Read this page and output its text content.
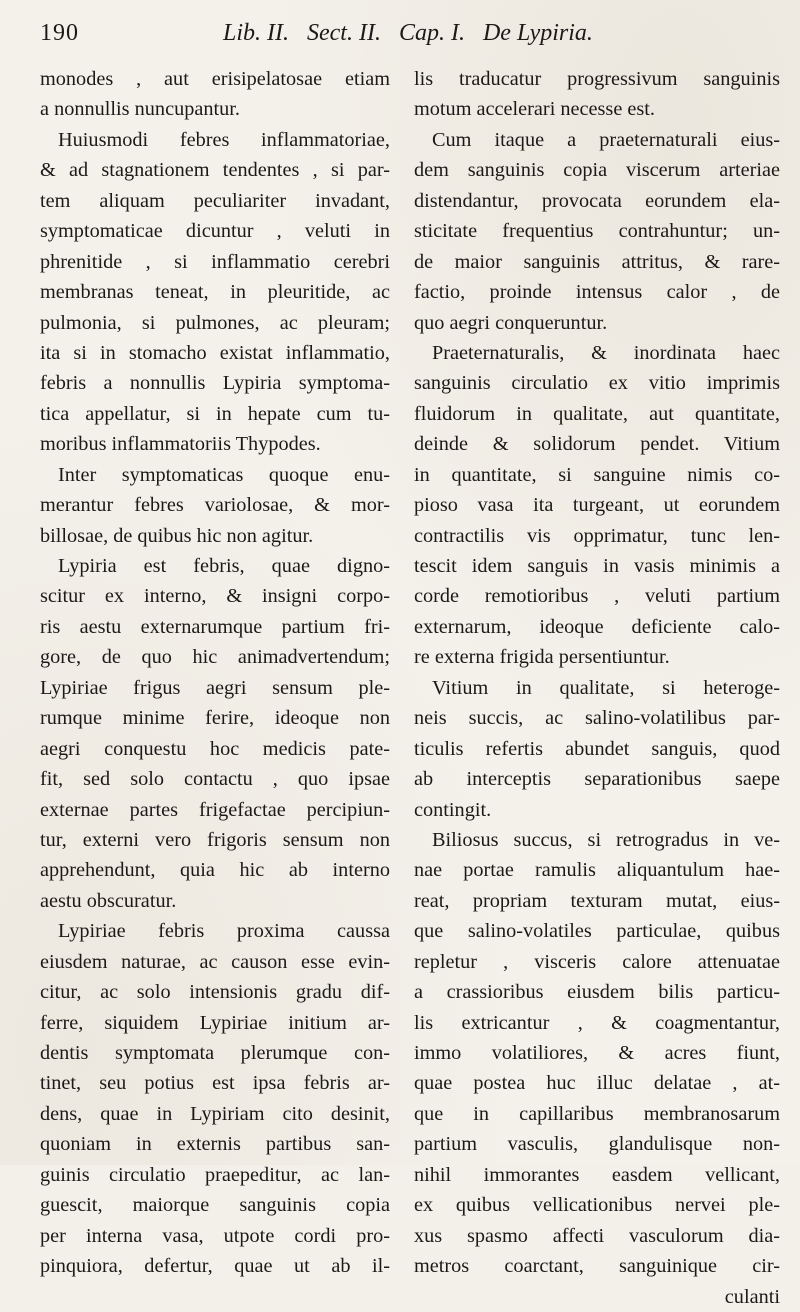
190	Lib. II. Sect. II. Cap. I. De Lypiria.
monodes , aut erisipelatosae etiam
a nonnullis nuncupantur.
Huiusmodi febres inflammatoriae,
& ad stagnationem tendentes , si par-
tem aliquam peculiariter invadant,
symptomaticae dicuntur , veluti in
phrenitide , si inflammatio cerebri
membranas teneat, in pleuritide, ac
pulmonia, si pulmones, ac pleuram;
ita si in stomacho existat inflammatio,
febris a nonnullis Lypiria symptoma-
tica appellatur, si in hepate cum tu-
moribus inflammatoriis Thypodes.
Inter symptomaticas quoque enu-
merantur febres variolosae, & mor-
billosae, de quibus hic non agitur.
Lypiria est febris, quae digno-
scitur ex interno, & insigni corpo-
ris aestu externarumque partium fri-
gore, de quo hic animadvertendum;
Lypiriae frigus aegri sensum ple-
rumque minime ferire, ideoque non
aegri conquestu hoc medicis pate-
fit, sed solo contactu , quo ipsae
externae partes frigefactae percipiun-
tur, externi vero frigoris sensum non
apprehendunt, quia hic ab interno
aestu obscuratur.
Lypiriae febris proxima caussa
eiusdem naturae, ac causon esse evin-
citur, ac solo intensionis gradu dif-
ferre, siquidem Lypiriae initium ar-
dentis symptomata plerumque con-
tinet, seu potius est ipsa febris ar-
dens, quae in Lypiriam cito desinit,
quoniam in externis partibus san-
guinis circulatio praepeditur, ac lan-
guescit, maiorque sanguinis copia
per interna vasa, utpote cordi pro-
pinquiora, defertur, quae ut ab il-
lis traducatur progressivum sanguinis
motum accelerari necesse est.
Cum itaque a praeternaturali eius-
dem sanguinis copia viscerum arteriae
distendantur, provocata eorundem ela-
sticitate frequentius contrahuntur; un-
de maior sanguinis attritus, & rare-
factio, proinde intensus calor , de
quo aegri conqueruntur.
Praeternaturalis, & inordinata haec
sanguinis circulatio ex vitio imprimis
fluidorum in qualitate, aut quantitate,
deinde & solidorum pendet. Vitium
in quantitate, si sanguine nimis co-
pioso vasa ita turgeant, ut eorundem
contractilis vis opprimatur, tunc len-
tescit idem sanguis in vasis minimis a
corde remotioribus , veluti partium
externarum, ideoque deficiente calo-
re externa frigida persentiuntur.
Vitium in qualitate, si heteroge-
neis succis, ac salino-volatilibus par-
ticulis refertis abundet sanguis, quod
ab interceptis separationibus saepe
contingit.
Biliosus succus, si retrogradus in ve-
nae portae ramulis aliquantulum hae-
reat, propriam texturam mutat, eius-
que salino-volatiles particulae, quibus
repletur , visceris calore attenuatae
a crassioribus eiusdem bilis particu-
lis extricantur , & coagmentantur,
immo volatiliores, & acres fiunt,
quae postea huc illuc delatae , at-
que in capillaribus membranosarum
partium vasculis, glandulisque non-
nihil immorantes easdem vellicant,
ex quibus vellicationibus nervei ple-
xus spasmo affecti vasculorum dia-
metros coarctant, sanguinique cir-
culanti
